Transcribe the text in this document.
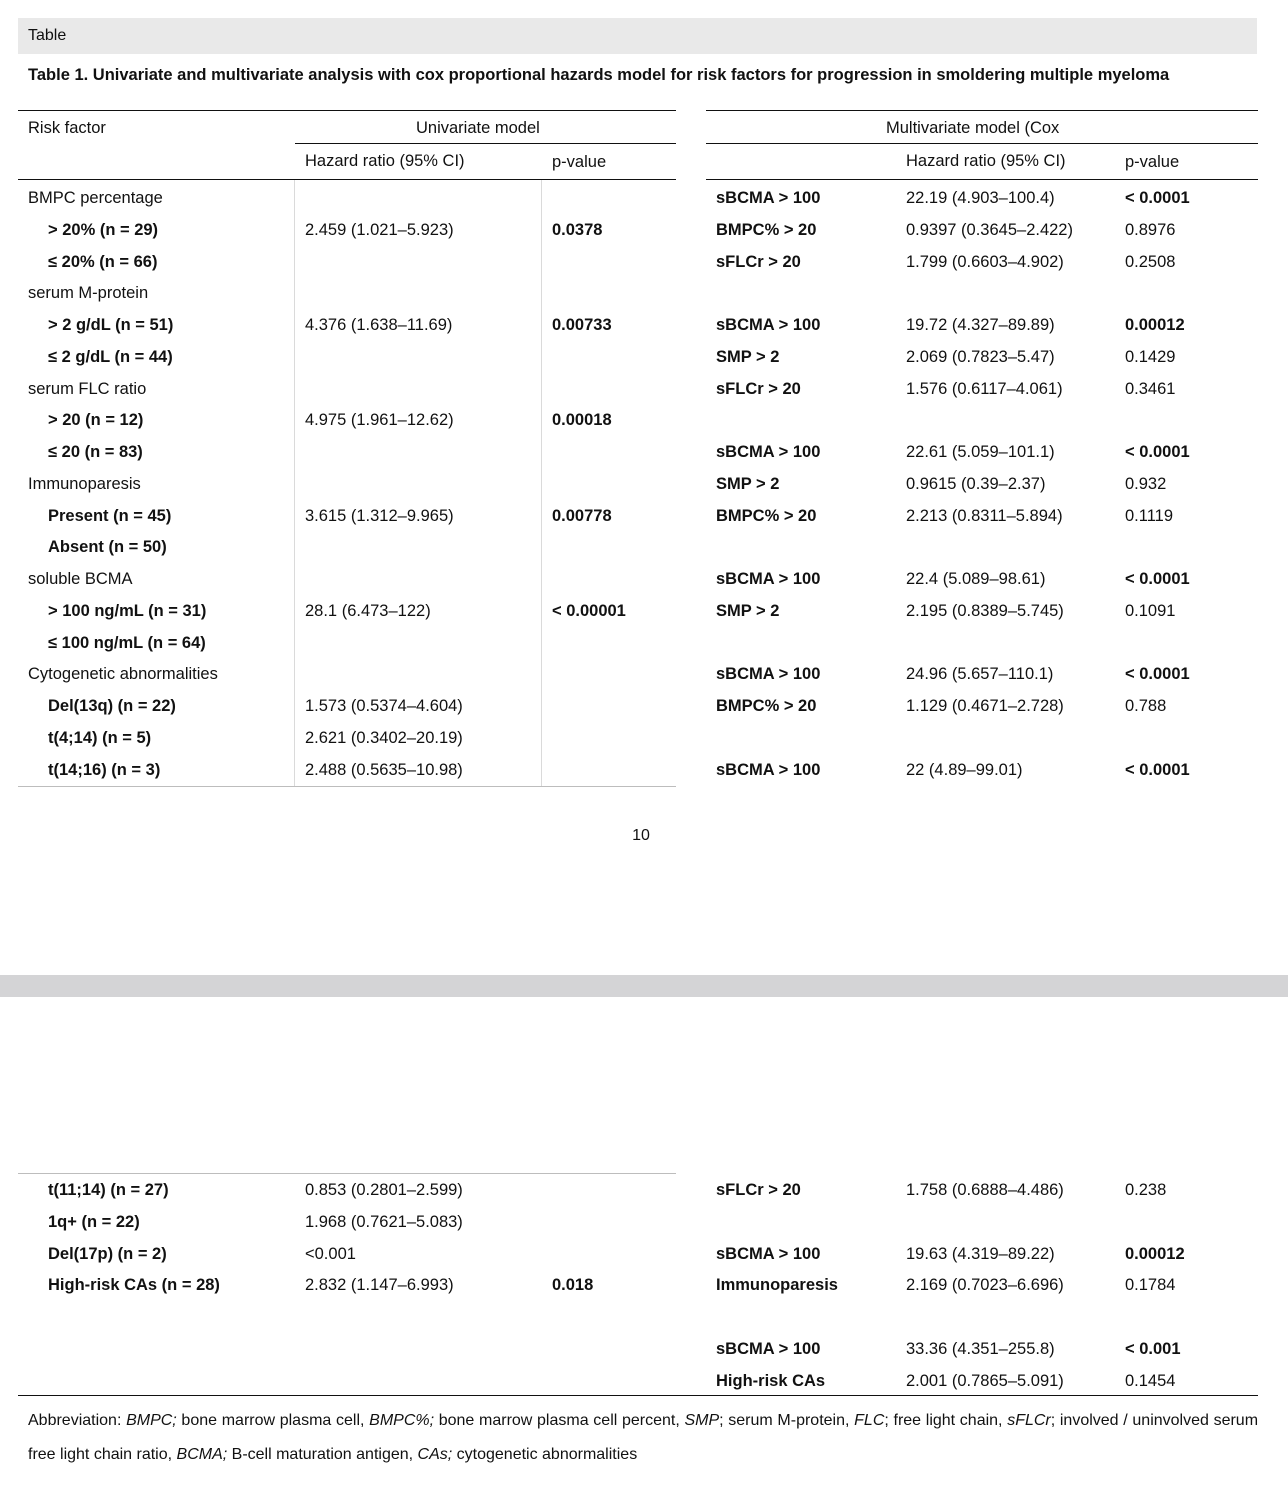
Table
Table 1. Univariate and multivariate analysis with cox proportional hazards model for risk factors for progression in smoldering multiple myeloma
Risk factor	Univariate model	Multivariate model (Cox
Hazard ratio (95% CI)	p-value	Hazard ratio (95% CI)	p-value
BMPC percentage
> 20% (n = 29)	2.459 (1.021–5.923)	0.0378
≤ 20% (n = 66)
serum M-protein
> 2 g/dL (n = 51)	4.376 (1.638–11.69)	0.00733
≤ 2 g/dL (n = 44)
serum FLC ratio
> 20 (n = 12)	4.975 (1.961–12.62)	0.00018
≤ 20 (n = 83)
Immunoparesis
Present (n = 45)	3.615 (1.312–9.965)	0.00778
Absent (n = 50)
soluble BCMA
> 100 ng/mL (n = 31)	28.1 (6.473–122)	< 0.00001
≤ 100 ng/mL (n = 64)
Cytogenetic abnormalities
Del(13q) (n = 22)	1.573 (0.5374–4.604)
t(4;14) (n = 5)	2.621 (0.3402–20.19)
t(14;16) (n = 3)	2.488 (0.5635–10.98)
sBCMA > 100	22.19 (4.903–100.4)	< 0.0001
BMPC% > 20	0.9397 (0.3645–2.422)	0.8976
sFLCr > 20	1.799 (0.6603–4.902)	0.2508
sBCMA > 100	19.72 (4.327–89.89)	0.00012
SMP > 2	2.069 (0.7823–5.47)	0.1429
sFLCr > 20	1.576 (0.6117–4.061)	0.3461
sBCMA > 100	22.61 (5.059–101.1)	< 0.0001
SMP > 2	0.9615 (0.39–2.37)	0.932
BMPC% > 20	2.213 (0.8311–5.894)	0.1119
sBCMA > 100	22.4 (5.089–98.61)	< 0.0001
SMP > 2	2.195 (0.8389–5.745)	0.1091
sBCMA > 100	24.96 (5.657–110.1)	< 0.0001
BMPC% > 20	1.129 (0.4671–2.728)	0.788
sBCMA > 100	22 (4.89–99.01)	< 0.0001
10
t(11;14) (n = 27)	0.853 (0.2801–2.599)
1q+ (n = 22)	1.968 (0.7621–5.083)
Del(17p) (n = 2)	<0.001
High-risk CAs (n = 28)	2.832 (1.147–6.993)	0.018
sFLCr > 20	1.758 (0.6888–4.486)	0.238
sBCMA > 100	19.63 (4.319–89.22)	0.00012
Immunoparesis	2.169 (0.7023–6.696)	0.1784
sBCMA > 100	33.36 (4.351–255.8)	< 0.001
High-risk CAs	2.001 (0.7865–5.091)	0.1454
Abbreviation: BMPC; bone marrow plasma cell, BMPC%; bone marrow plasma cell percent, SMP; serum M-protein, FLC; free light chain, sFLCr; involved / uninvolved serum free light chain ratio, BCMA; B-cell maturation antigen, CAs; cytogenetic abnormalities
